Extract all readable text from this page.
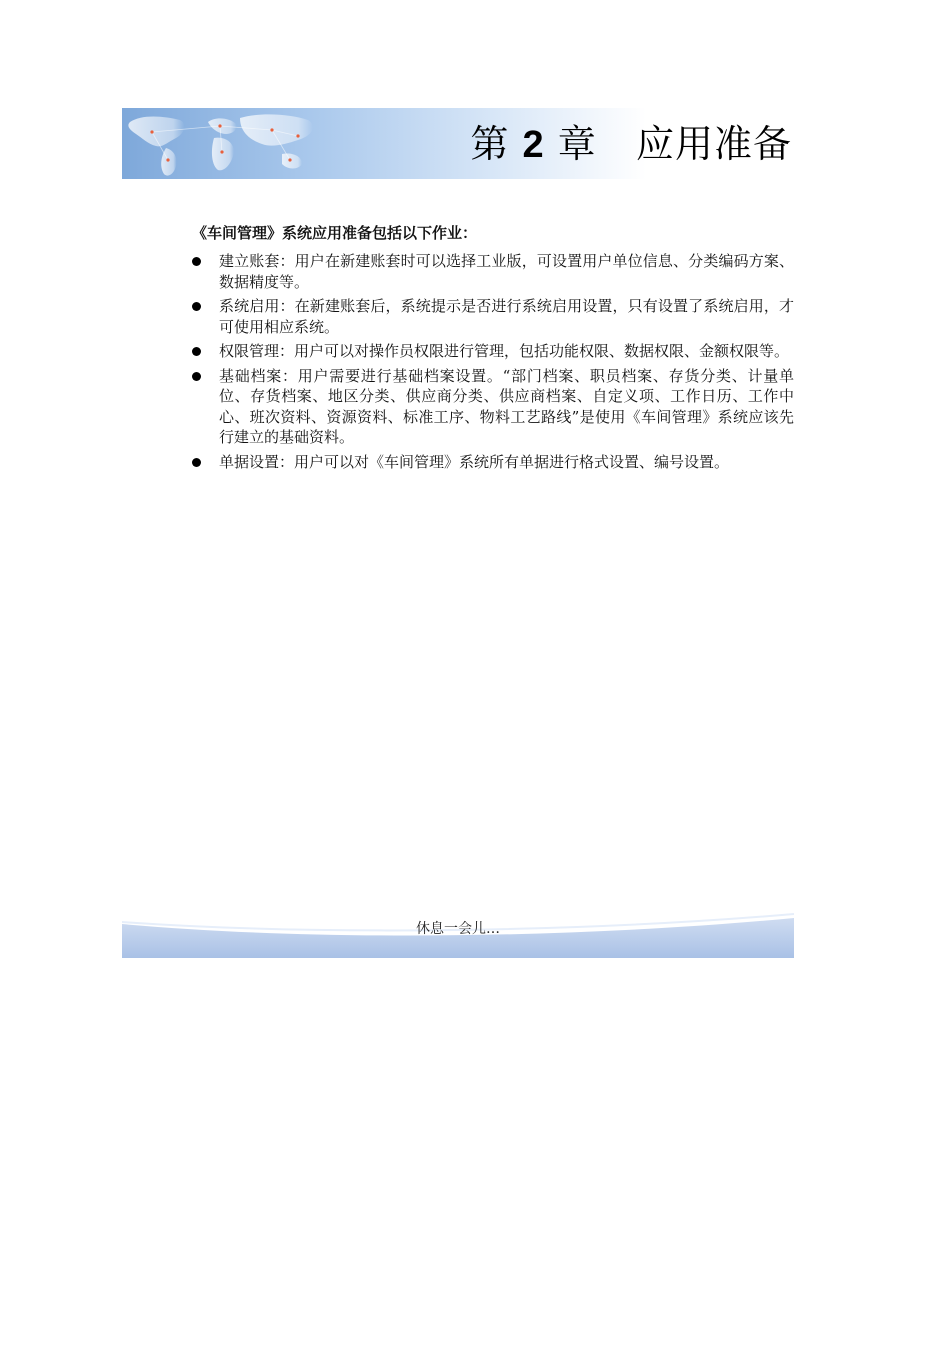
第 2 章 应用准备

《车间管理》系统应用准备包括以下作业：

建立账套：用户在新建账套时可以选择工业版，可设置用户单位信息、分类编码方案、数据精度等。
系统启用：在新建账套后，系统提示是否进行系统启用设置，只有设置了系统启用，才可使用相应系统。
权限管理：用户可以对操作员权限进行管理，包括功能权限、数据权限、金额权限等。
基础档案：用户需要进行基础档案设置。“部门档案、职员档案、存货分类、计量单位、存货档案、地区分类、供应商分类、供应商档案、自定义项、工作日历、工作中心、班次资料、资源资料、标准工序、物料工艺路线”是使用《车间管理》系统应该先行建立的基础资料。
单据设置：用户可以对《车间管理》系统所有单据进行格式设置、编号设置。
休息一会儿…
